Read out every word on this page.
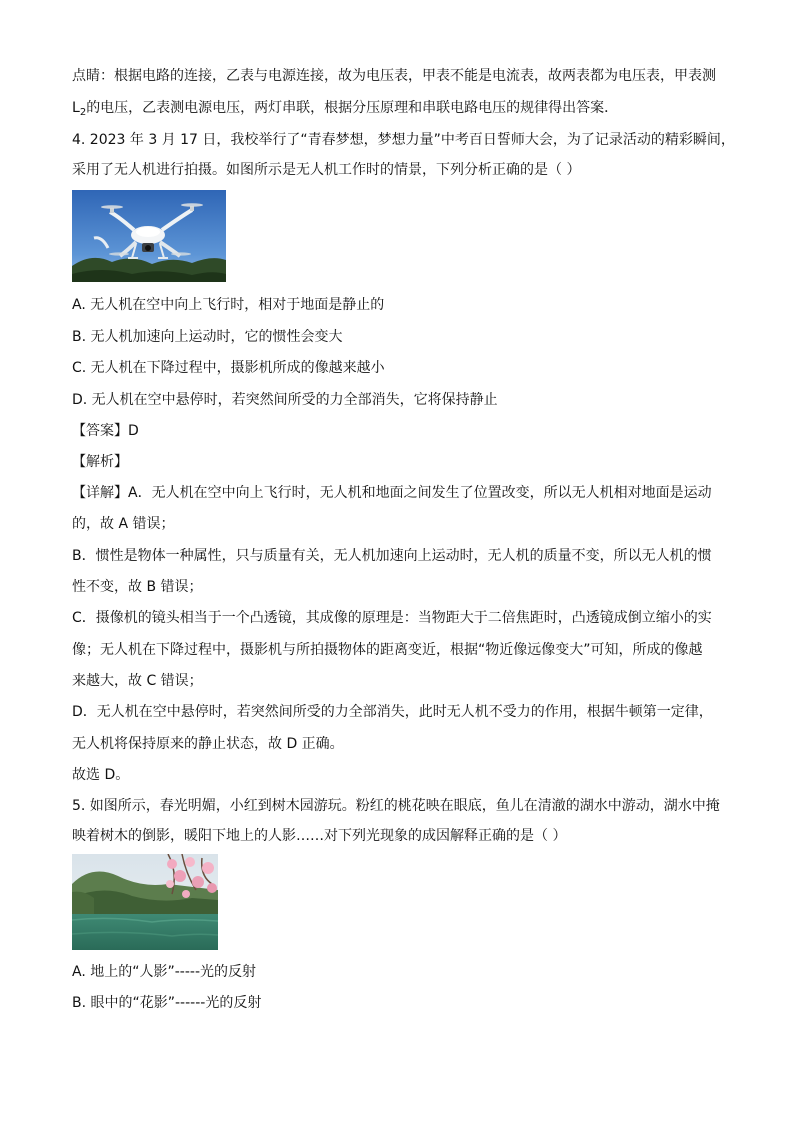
点睛：根据电路的连接，乙表与电源连接，故为电压表，甲表不能是电流表，故两表都为电压表，甲表测
$L_2$的电压，乙表测电源电压，两灯串联，根据分压原理和串联电路电压的规律得出答案．
4. 2023 年 3 月 17 日，我校举行了“青春梦想，梦想力量”中考百日誓师大会，为了记录活动的精彩瞬间，
采用了无人机进行拍摄。如图所示是无人机工作时的情景，下列分析正确的是（ ）
A. 无人机在空中向上飞行时，相对于地面是静止的
B. 无人机加速向上运动时，它的惯性会变大
C. 无人机在下降过程中，摄影机所成的像越来越小
D. 无人机在空中悬停时，若突然间所受的力全部消失，它将保持静止
【答案】D
【解析】
【详解】A．无人机在空中向上飞行时，无人机和地面之间发生了位置改变，所以无人机相对地面是运动
的，故 A 错误；
B．惯性是物体一种属性，只与质量有关，无人机加速向上运动时，无人机的质量不变，所以无人机的惯
性不变，故 B 错误；
C．摄像机的镜头相当于一个凸透镜，其成像的原理是：当物距大于二倍焦距时，凸透镜成倒立缩小的实
像；无人机在下降过程中，摄影机与所拍摄物体的距离变近，根据“物近像远像变大”可知，所成的像越
来越大，故 C 错误；
D．无人机在空中悬停时，若突然间所受的力全部消失，此时无人机不受力的作用，根据牛顿第一定律，
无人机将保持原来的静止状态，故 D 正确。
故选 D。
5. 如图所示，春光明媚，小红到树木园游玩。粉红的桃花映在眼底，鱼儿在清澈的湖水中游动，湖水中掩
映着树木的倒影，暖阳下地上的人影……对下列光现象的成因解释正确的是（ ）
A. 地上的“人影”-----光的反射
B. 眼中的“花影”------光的反射
